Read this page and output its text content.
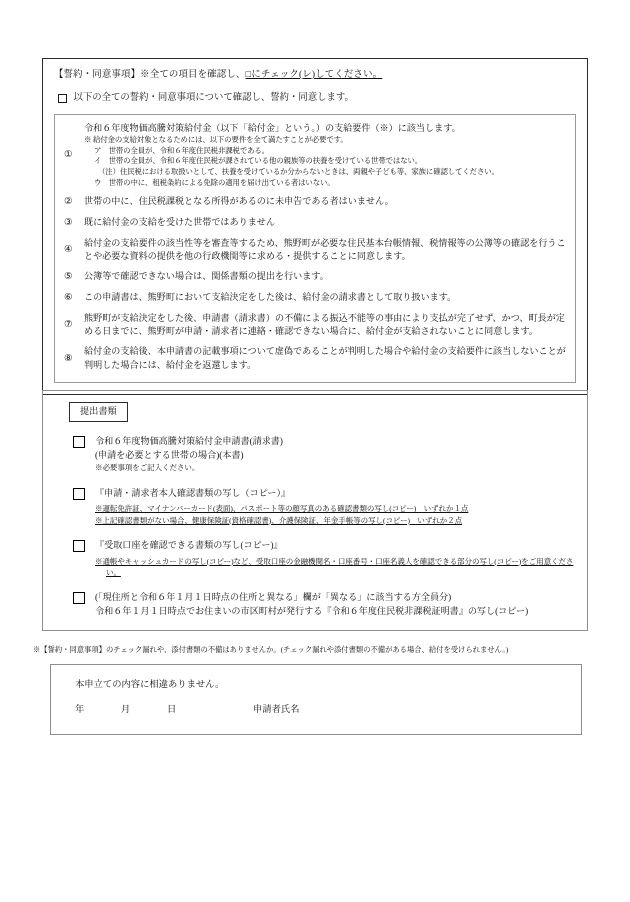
【誓約・同意事項】※全ての項目を確認し、□にチェック(レ)してください。
以下の全ての誓約・同意事項について確認し、誓約・同意します。
①
令和６年度物価高騰対策給付金（以下「給付金」という。）の支給要件（※）に該当します。
※ 給付金の支給対象となるためには、以下の要件を全て満たすことが必要です。
ア　世帯の全員が、令和６年度住民税非課税である。
イ　世帯の全員が、令和６年度住民税が課されている他の親族等の扶養を受けている世帯ではない。
（注）住民税における取扱いとして、扶養を受けているか分からないときは、両親や子ども等、家族に確認してください。
ウ　世帯の中に、租税条約による免除の適用を届け出ている者はいない。
②	世帯の中に、住民税課税となる所得があるのに未申告である者はいません。
③	既に給付金の支給を受けた世帯ではありません
④
給付金の支給要件の該当性等を審査等するため、熊野町が必要な住民基本台帳情報、税情報等の公簿等の確認を行うことや必要な資料の提供を他の行政機関等に求める・提供することに同意します。
⑤	公簿等で確認できない場合は、関係書類の提出を行います。
⑥	この申請書は、熊野町において支給決定をした後は、給付金の請求書として取り扱います。
⑦
熊野町が支給決定をした後、申請書（請求書）の不備による振込不能等の事由により支払が完了せず、かつ、町長が定める日までに、熊野町が申請・請求者に連絡・確認できない場合に、給付金が支給されないことに同意します。
⑧
給付金の支給後、本申請書の記載事項について虚偽であることが判明した場合や給付金の支給要件に該当しないことが判明した場合には、給付金を返還します。
提出書類
令和６年度物価高騰対策給付金申請書(請求書)
(申請を必要とする世帯の場合)(本書)
※必要事項をご記入ください。
『申請・請求者本人確認書類の写し（コピー）』
※運転免許証、マイナンバーカード(表面)、パスポート等の顔写真のある確認書類の写し(コピー)　いずれか１点
※上記確認書類がない場合、健康保険証(資格確認書)、介護保険証、年金手帳等の写し(コピー)　いずれか２点
『受取口座を確認できる書類の写し(コピー)』
※通帳やキャッシュカードの写し(コピー)など、受取口座の金融機関名・口座番号・口座名義人を確認できる部分の写し(コピー)をご用意ください。
(「現住所と令和６年１月１日時点の住所と異なる」欄が「異なる」に該当する方全員分)
令和６年１月１日時点でお住まいの市区町村が発行する『令和６年度住民税非課税証明書』の写し(コピー)
※【誓約・同意事項】のチェック漏れや、添付書類の不備はありませんか。(チェック漏れや添付書類の不備がある場合、給付を受けられません。)
本申立ての内容に相違ありません。
年	月	日	申請者氏名
